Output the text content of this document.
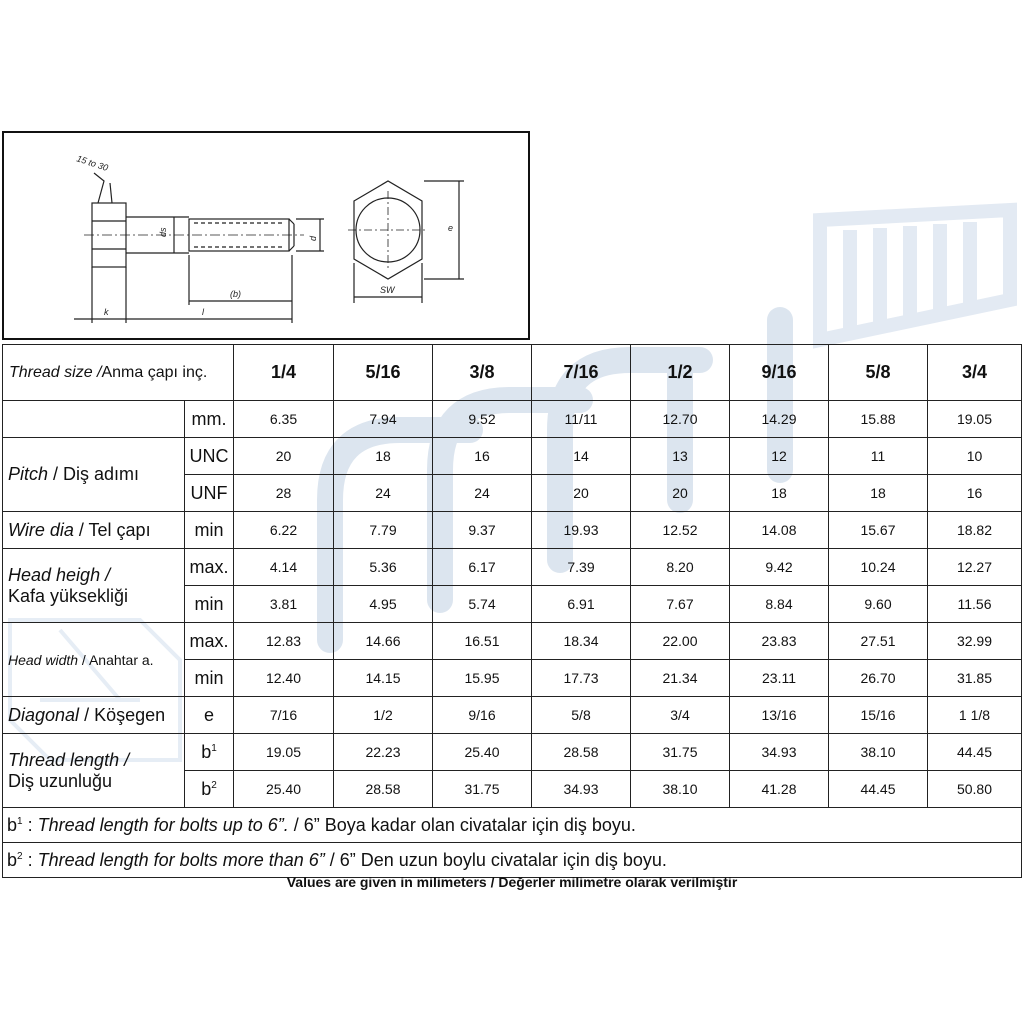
15 to 30
ds
d
(b)
k	l
SW
e
Thread size /Anma çapı inç.		1/4	5/16	3/8	7/16	1/2	9/16	5/8	3/4
	mm.	6.35	7.94	9.52	11/11	12.70	14.29	15.88	19.05
Pitch / Diş adımı	UNC	20	18	16	14	13	12	11	10
	UNF	28	24	24	20	20	18	18	16
Wire dia / Tel çapı	min	6.22	7.79	9.37	19.93	12.52	14.08	15.67	18.82
Head heigh /
Kafa yüksekliği	max.	4.14	5.36	6.17	7.39	8.20	9.42	10.24	12.27
	min	3.81	4.95	5.74	6.91	7.67	8.84	9.60	11.56
Head width / Anahtar a.	max.	12.83	14.66	16.51	18.34	22.00	23.83	27.51	32.99
	min	12.40	14.15	15.95	17.73	21.34	23.11	26.70	31.85
Diagonal / Köşegen	e	7/16	1/2	9/16	5/8	3/4	13/16	15/16	1 1/8
Thread length /
Diş uzunluğu	$b^1$	19.05	22.23	25.40	28.58	31.75	34.93	38.10	44.45
	$b^2$	25.40	28.58	31.75	34.93	38.10	41.28	44.45	50.80
$b^1$ : Thread length for bolts up to 6”. / 6” Boya kadar olan civatalar için diş boyu.									
$b^2$ : Thread length for bolts more than 6” / 6” Den uzun boylu civatalar için diş boyu.									
Values are given in milimeters / Değerler milimetre olarak verilmiştir
